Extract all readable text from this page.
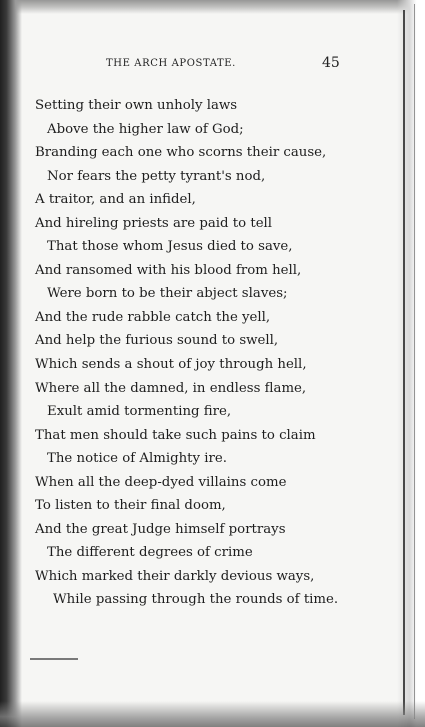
THE ARCH APOSTATE.	45
Setting their own unholy laws
Above the higher law of God;
Branding each one who scorns their cause,
Nor fears the petty tyrant's nod,
A traitor, and an infidel,
And hireling priests are paid to tell
That those whom Jesus died to save,
And ransomed with his blood from hell,
Were born to be their abject slaves;
And the rude rabble catch the yell,
And help the furious sound to swell,
Which sends a shout of joy through hell,
Where all the damned, in endless flame,
Exult amid tormenting fire,
That men should take such pains to claim
The notice of Almighty ire.
When all the deep-dyed villains come
To listen to their final doom,
And the great Judge himself portrays
The different degrees of crime
Which marked their darkly devious ways,
While passing through the rounds of time.
